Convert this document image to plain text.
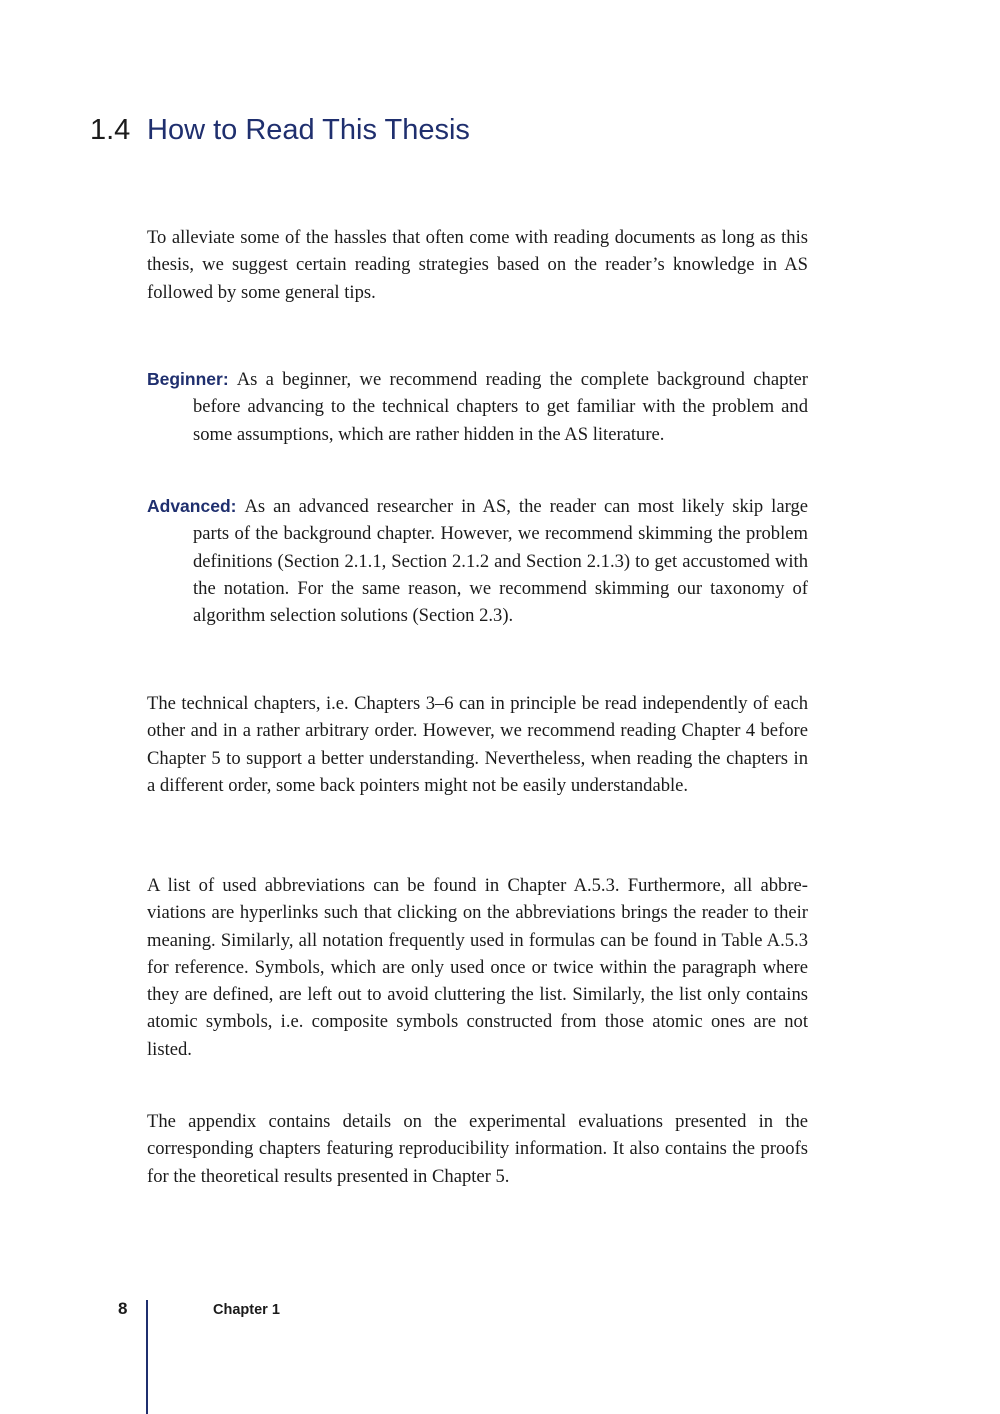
1.4 How to Read This Thesis

To alleviate some of the hassles that often come with reading documents as long as this thesis, we suggest certain reading strategies based on the reader’s knowledge in AS followed by some general tips.

Beginner: As a beginner, we recommend reading the complete background chapter before advancing to the technical chapters to get familiar with the problem and some assumptions, which are rather hidden in the AS literature.
Advanced: As an advanced researcher in AS, the reader can most likely skip large parts of the background chapter. However, we recommend skimming the problem definitions (Section 2.1.1, Section 2.1.2 and Section 2.1.3) to get accustomed with the notation. For the same reason, we recommend skimming our taxonomy of algorithm selection solutions (Section 2.3).

The technical chapters, i.e. Chapters 3–6 can in principle be read independently of each other and in a rather arbitrary order. However, we recommend reading Chapter 4 before Chapter 5 to support a better understanding. Nevertheless, when reading the chapters in a different order, some back pointers might not be easily understandable.

A list of used abbreviations can be found in Chapter A.5.3. Furthermore, all abbreviations are hyperlinks such that clicking on the abbreviations brings the reader to their meaning. Similarly, all notation frequently used in formulas can be found in Table A.5.3 for reference. Symbols, which are only used once or twice within the paragraph where they are defined, are left out to avoid cluttering the list. Similarly, the list only contains atomic symbols, i.e. composite symbols constructed from those atomic ones are not listed.

The appendix contains details on the experimental evaluations presented in the corresponding chapters featuring reproducibility information. It also contains the proofs for the theoretical results presented in Chapter 5.

8	Chapter 1
